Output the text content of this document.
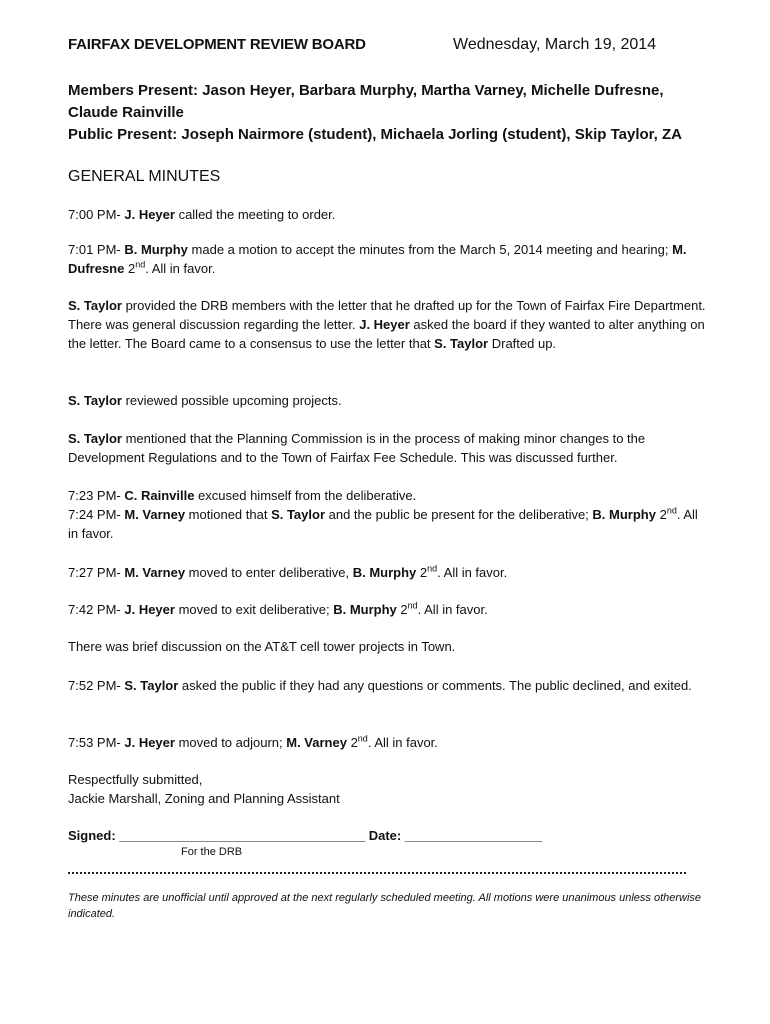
FAIRFAX DEVELOPMENT REVIEW BOARD	Wednesday, March 19, 2014
Members Present: Jason Heyer, Barbara Murphy, Martha Varney, Michelle Dufresne, Claude Rainville
Public Present: Joseph Nairmore (student), Michaela Jorling (student), Skip Taylor, ZA
GENERAL MINUTES
7:00 PM- J. Heyer called the meeting to order.
7:01 PM- B. Murphy made a motion to accept the minutes from the March 5, 2014 meeting and hearing; M. Dufresne 2nd. All in favor.
S. Taylor provided the DRB members with the letter that he drafted up for the Town of Fairfax Fire Department. There was general discussion regarding the letter. J. Heyer asked the board if they wanted to alter anything on the letter. The Board came to a consensus to use the letter that S. Taylor Drafted up.
S. Taylor reviewed possible upcoming projects.
S. Taylor mentioned that the Planning Commission is in the process of making minor changes to the Development Regulations and to the Town of Fairfax Fee Schedule. This was discussed further.
7:23 PM- C. Rainville excused himself from the deliberative.
7:24 PM- M. Varney motioned that S. Taylor and the public be present for the deliberative; B. Murphy 2nd. All in favor.
7:27 PM- M. Varney moved to enter deliberative, B. Murphy 2nd. All in favor.
7:42 PM- J. Heyer moved to exit deliberative; B. Murphy 2nd. All in favor.
There was brief discussion on the AT&T cell tower projects in Town.
7:52 PM- S. Taylor asked the public if they had any questions or comments. The public declined, and exited.
7:53 PM- J. Heyer moved to adjourn; M. Varney 2nd. All in favor.
Respectfully submitted,
Jackie Marshall, Zoning and Planning Assistant
Signed: __________________________________ Date: ___________________
For the DRB
These minutes are unofficial until approved at the next regularly scheduled meeting. All motions were unanimous unless otherwise indicated.
